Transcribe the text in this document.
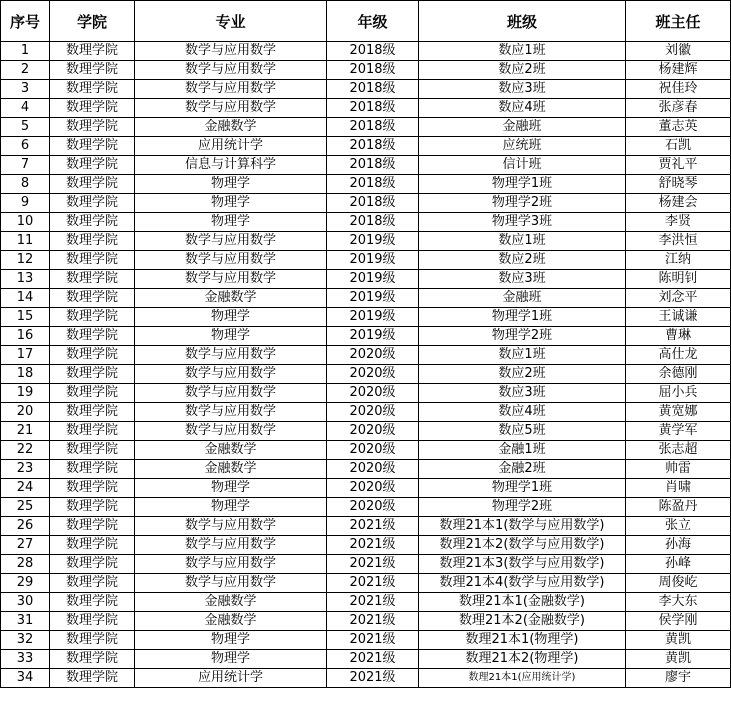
序号	学院	专业	年级	班级	班主任
1	数理学院	数学与应用数学	2018级	数应1班	刘徽
2	数理学院	数学与应用数学	2018级	数应2班	杨建辉
3	数理学院	数学与应用数学	2018级	数应3班	祝佳玲
4	数理学院	数学与应用数学	2018级	数应4班	张彦春
5	数理学院	金融数学	2018级	金融班	董志英
6	数理学院	应用统计学	2018级	应统班	石凯
7	数理学院	信息与计算科学	2018级	信计班	贾礼平
8	数理学院	物理学	2018级	物理学1班	舒晓琴
9	数理学院	物理学	2018级	物理学2班	杨建会
10	数理学院	物理学	2018级	物理学3班	李贤
11	数理学院	数学与应用数学	2019级	数应1班	李洪恒
12	数理学院	数学与应用数学	2019级	数应2班	江纳
13	数理学院	数学与应用数学	2019级	数应3班	陈明钊
14	数理学院	金融数学	2019级	金融班	刘念平
15	数理学院	物理学	2019级	物理学1班	王诚谦
16	数理学院	物理学	2019级	物理学2班	曹琳
17	数理学院	数学与应用数学	2020级	数应1班	高仕龙
18	数理学院	数学与应用数学	2020级	数应2班	余德刚
19	数理学院	数学与应用数学	2020级	数应3班	屈小兵
20	数理学院	数学与应用数学	2020级	数应4班	黄宽娜
21	数理学院	数学与应用数学	2020级	数应5班	黄学军
22	数理学院	金融数学	2020级	金融1班	张志超
23	数理学院	金融数学	2020级	金融2班	帅雷
24	数理学院	物理学	2020级	物理学1班	肖啸
25	数理学院	物理学	2020级	物理学2班	陈盈丹
26	数理学院	数学与应用数学	2021级	数理21本1(数学与应用数学)	张立
27	数理学院	数学与应用数学	2021级	数理21本2(数学与应用数学)	孙海
28	数理学院	数学与应用数学	2021级	数理21本3(数学与应用数学)	孙峰
29	数理学院	数学与应用数学	2021级	数理21本4(数学与应用数学)	周俊屹
30	数理学院	金融数学	2021级	数理21本1(金融数学)	李大东
31	数理学院	金融数学	2021级	数理21本2(金融数学)	侯学刚
32	数理学院	物理学	2021级	数理21本1(物理学)	黄凯
33	数理学院	物理学	2021级	数理21本2(物理学)	黄凯
34	数理学院	应用统计学	2021级	数理21本1(应用统计学)	廖宇
